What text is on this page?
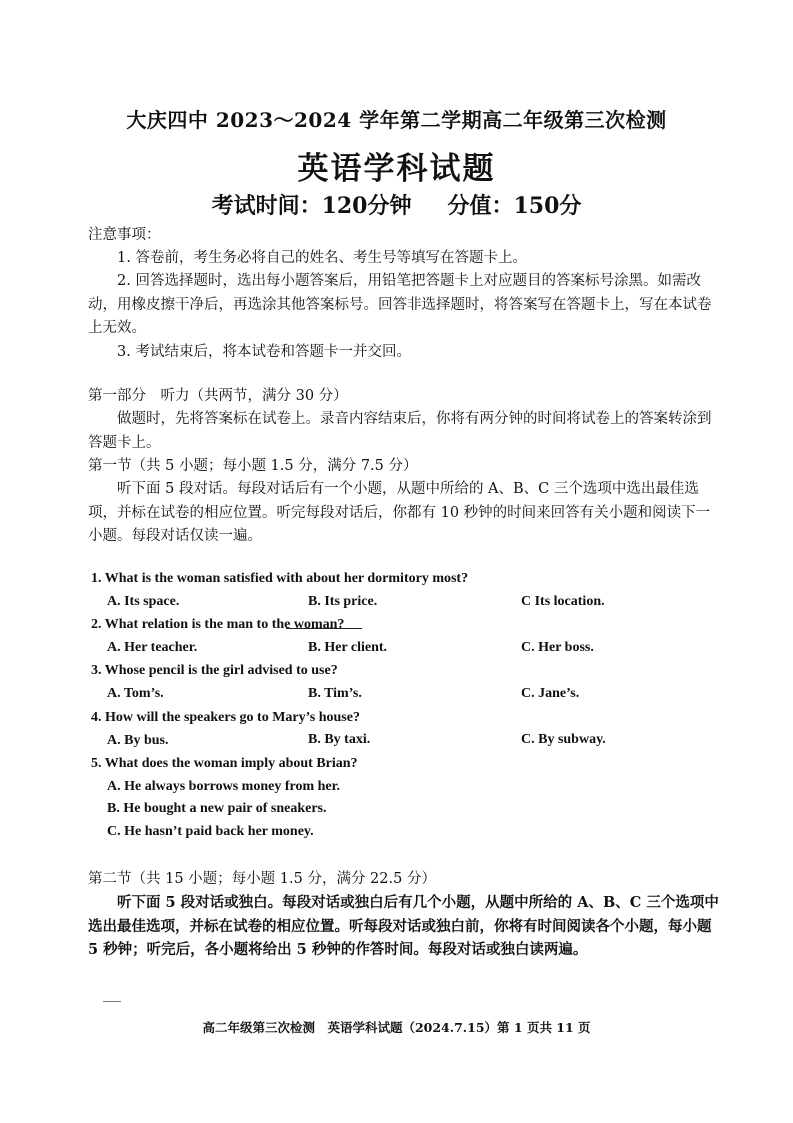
大庆四中 2023～2024 学年第二学期高二年级第三次检测
英语学科试题
考试时间：120分钟 分值：150分
注意事项：
1. 答卷前，考生务必将自己的姓名、考生号等填写在答题卡上。
2. 回答选择题时，选出每小题答案后，用铅笔把答题卡上对应题目的答案标号涂黑。如需改动，用橡皮擦干净后，再选涂其他答案标号。回答非选择题时，将答案写在答题卡上，写在本试卷上无效。
3. 考试结束后，将本试卷和答题卡一并交回。
第一部分　听力（共两节，满分 30 分）
做题时，先将答案标在试卷上。录音内容结束后，你将有两分钟的时间将试卷上的答案转涂到答题卡上。
第一节（共 5 小题；每小题 1.5 分，满分 7.5 分）
听下面 5 段对话。每段对话后有一个小题，从题中所给的 A、B、C 三个选项中选出最佳选项，并标在试卷的相应位置。听完每段对话后，你都有 10 秒钟的时间来回答有关小题和阅读下一小题。每段对话仅读一遍。
1. What is the woman satisfied with about her dormitory most?
A. Its space.	B. Its price.	C Its location.
2. What relation is the man to the woman?
A. Her teacher.	B. Her client.	C. Her boss.
3. Whose pencil is the girl advised to use?
A. Tom’s.	B. Tim’s.	C. Jane’s.
4. How will the speakers go to Mary’s house?
A. By bus.	B. By taxi.	C. By subway.
5. What does the woman imply about Brian?
A. He always borrows money from her.
B. He bought a new pair of sneakers.
C. He hasn’t paid back her money.
第二节（共 15 小题；每小题 1.5 分，满分 22.5 分）
听下面 5 段对话或独白。每段对话或独白后有几个小题，从题中所给的 A、B、C 三个选项中选出最佳选项，并标在试卷的相应位置。听每段对话或独白前，你将有时间阅读各个小题，每小题 5 秒钟；听完后，各小题将给出 5 秒钟的作答时间。每段对话或独白读两遍。
高二年级第三次检测　英语学科试题（2024.7.15）第 1 页共 11 页
